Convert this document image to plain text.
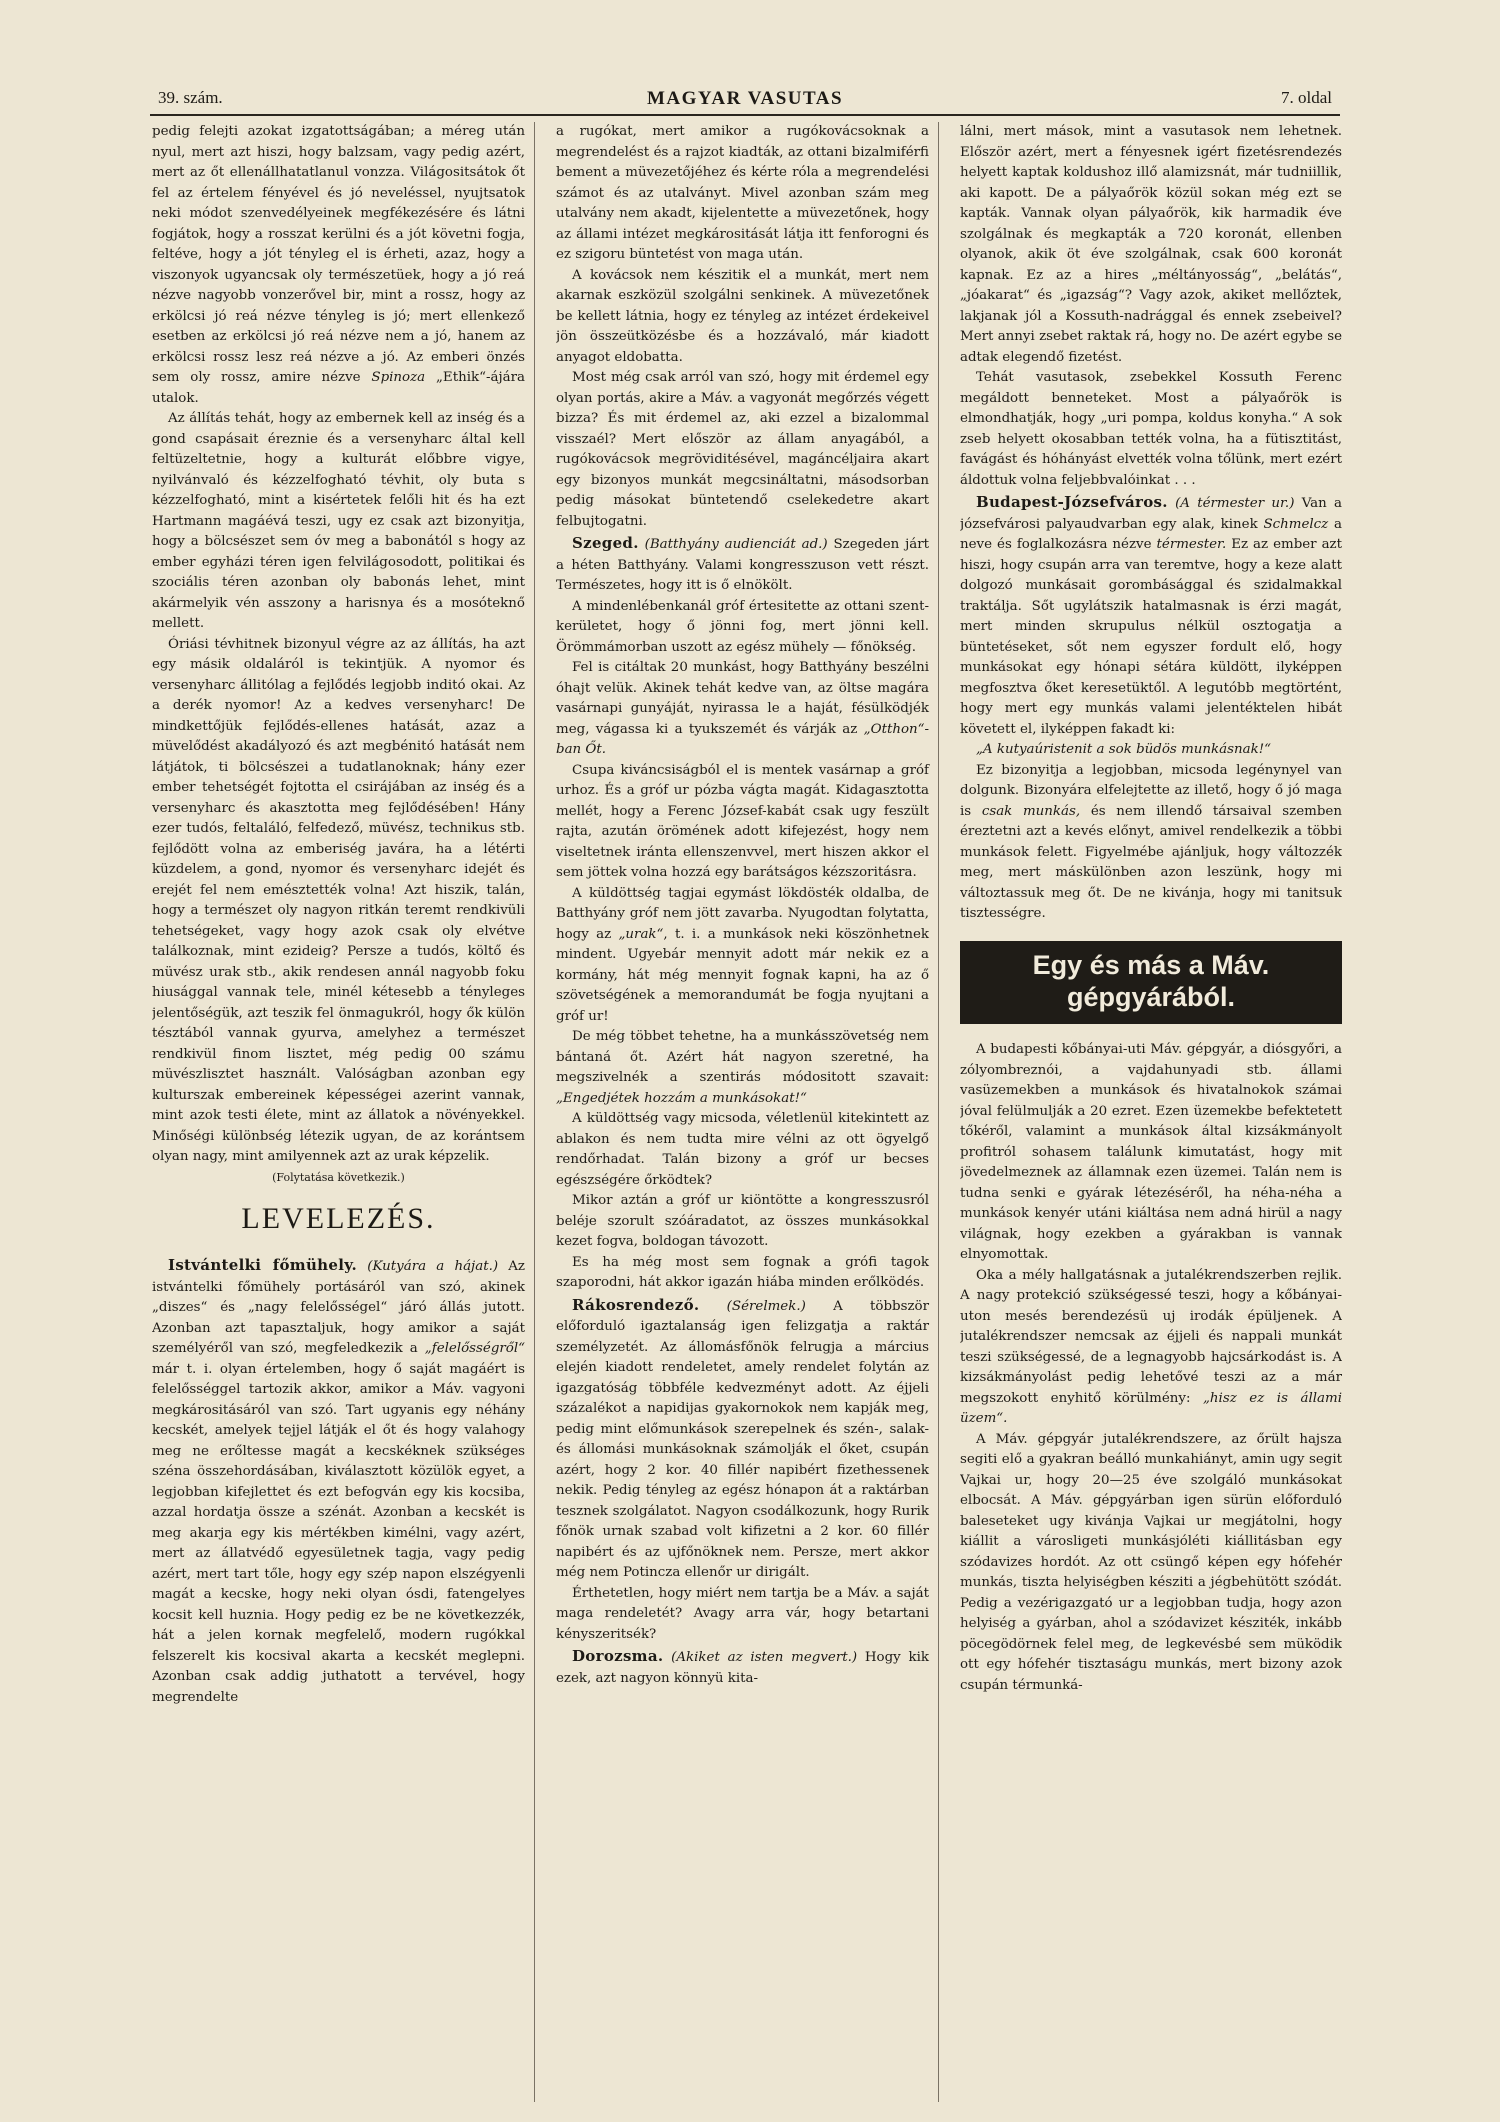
39. szám.	MAGYAR VASUTAS	7. oldal

pedig felejti azokat izgatottságában; a méreg után nyul, mert azt hiszi, hogy balzsam, vagy pedig azért, mert az őt ellenállhatatlanul vonzza. Világositsátok őt fel az értelem fényével és jó neveléssel, nyujtsatok neki módot szenvedélyeinek megfékezésére és látni fogjátok, hogy a rosszat kerülni és a jót követni fogja, feltéve, hogy a jót tényleg el is érheti, azaz, hogy a viszonyok ugyancsak oly természetüek, hogy a jó reá nézve nagyobb vonzerővel bir, mint a rossz, hogy az erkölcsi jó reá nézve tényleg is jó; mert ellenkező esetben az erkölcsi jó reá nézve nem a jó, hanem az erkölcsi rossz lesz reá nézve a jó. Az emberi önzés sem oly rossz, amire nézve Spinoza „Ethik“-ájára utalok.

Az állítás tehát, hogy az embernek kell az inség és a gond csapásait éreznie és a versenyharc által kell feltüzeltetnie, hogy a kulturát előbbre vigye, nyilvánvaló és kézzelfogható tévhit, oly buta s kézzelfogható, mint a kisértetek felőli hit és ha ezt Hartmann magáévá teszi, ugy ez csak azt bizonyitja, hogy a bölcsészet sem óv meg a babonától s hogy az ember egyházi téren igen felvilágosodott, politikai és szociális téren azonban oly babonás lehet, mint akármelyik vén asszony a harisnya és a mosóteknő mellett.

Óriási tévhitnek bizonyul végre az az állítás, ha azt egy másik oldaláról is tekintjük. A nyomor és versenyharc állitólag a fejlődés legjobb inditó okai. Az a derék nyomor! Az a kedves versenyharc! De mindkettőjük fejlődés-ellenes hatását, azaz a müvelődést akadályozó és azt megbénitó hatását nem látjátok, ti bölcsészei a tudatlanoknak; hány ezer ember tehetségét fojtotta el csirájában az inség és a versenyharc és akasztotta meg fejlődésében! Hány ezer tudós, feltaláló, felfedező, müvész, technikus stb. fejlődött volna az emberiség javára, ha a létérti küzdelem, a gond, nyomor és versenyharc idejét és erejét fel nem emésztették volna! Azt hiszik, talán, hogy a természet oly nagyon ritkán teremt rendkivüli tehetségeket, vagy hogy azok csak oly elvétve találkoznak, mint ezideig? Persze a tudós, költő és müvész urak stb., akik rendesen annál nagyobb foku hiusággal vannak tele, minél kétesebb a tényleges jelentőségük, azt teszik fel önmagukról, hogy ők külön tésztából vannak gyurva, amelyhez a természet rendkivül finom lisztet, még pedig 00 számu müvészlisztet használt. Valóságban azonban egy kulturszak embereinek képességei azerint vannak, mint azok testi élete, mint az állatok a növényekkel. Minőségi különbség létezik ugyan, de az korántsem olyan nagy, mint amilyennek azt az urak képzelik.

(Folytatása következik.)
LEVELEZÉS.

Istvántelki főmühely. (Kutyára a hájat.) Az istvántelki főmühely portásáról van szó, akinek „diszes“ és „nagy felelősségel“ járó állás jutott. Azonban azt tapasztaljuk, hogy amikor a saját személyéről van szó, megfeledkezik a „felelősségről“ már t. i. olyan értelemben, hogy ő saját magáért is felelősséggel tartozik akkor, amikor a Máv. vagyoni megkárositásáról van szó. Tart ugyanis egy néhány kecskét, amelyek tejjel látják el őt és hogy valahogy meg ne erőltesse magát a kecskéknek szükséges széna összehordásában, kiválasztott közülök egyet, a legjobban kifejlettet és ezt befogván egy kis kocsiba, azzal hordatja össze a szénát. Azonban a kecskét is meg akarja egy kis mértékben kimélni, vagy azért, mert az állatvédő egyesületnek tagja, vagy pedig azért, mert tart tőle, hogy egy szép napon elszégyenli magát a kecske, hogy neki olyan ósdi, fatengelyes kocsit kell huznia. Hogy pedig ez be ne következzék, hát a jelen kornak megfelelő, modern rugókkal felszerelt kis kocsival akarta a kecskét meglepni. Azonban csak addig juthatott a tervével, hogy megrendelte

a rugókat, mert amikor a rugókovácsoknak a megrendelést és a rajzot kiadták, az ottani bizalmiférfi bement a müvezetőjéhez és kérte róla a megrendelési számot és az utalványt. Mivel azonban szám meg utalvány nem akadt, kijelentette a müvezetőnek, hogy az állami intézet megkárositását látja itt fenforogni és ez szigoru büntetést von maga után.

A kovácsok nem készitik el a munkát, mert nem akarnak eszközül szolgálni senkinek. A müvezetőnek be kellett látnia, hogy ez tényleg az intézet érdekeivel jön összeütközésbe és a hozzávaló, már kiadott anyagot eldobatta.

Most még csak arról van szó, hogy mit érdemel egy olyan portás, akire a Máv. a vagyonát megőrzés végett bizza? És mit érdemel az, aki ezzel a bizalommal visszaél? Mert először az állam anyagából, a rugókovácsok megröviditésével, magáncéljaira akart egy bizonyos munkát megcsináltatni, másodsorban pedig másokat büntetendő cselekedetre akart felbujtogatni.

Szeged. (Batthyány audienciát ad.) Szegeden járt a héten Batthyány. Valami kongresszuson vett részt. Természetes, hogy itt is ő elnökölt.

A mindenlébenkanál gróf értesitette az ottani szent-kerületet, hogy ő jönni fog, mert jönni kell. Örömmámorban uszott az egész mühely — főnökség.

Fel is citáltak 20 munkást, hogy Batthyány beszélni óhajt velük. Akinek tehát kedve van, az öltse magára vasárnapi gunyáját, nyirassa le a haját, fésülködjék meg, vágassa ki a tyukszemét és várják az „Otthon“-ban Őt.

Csupa kiváncsiságból el is mentek vasárnap a gróf urhoz. És a gróf ur pózba vágta magát. Kidagasztotta mellét, hogy a Ferenc József-kabát csak ugy feszült rajta, azután örömének adott kifejezést, hogy nem viseltetnek iránta ellenszenvvel, mert hiszen akkor el sem jöttek volna hozzá egy barátságos kézszoritásra.

A küldöttség tagjai egymást lökdösték oldalba, de Batthyány gróf nem jött zavarba. Nyugodtan folytatta, hogy az „urak“, t. i. a munkások neki köszönhetnek mindent. Ugyebár mennyit adott már nekik ez a kormány, hát még mennyit fognak kapni, ha az ő szövetségének a memorandumát be fogja nyujtani a gróf ur!

De még többet tehetne, ha a munkásszövetség nem bántaná őt. Azért hát nagyon szeretné, ha megszivelnék a szentirás módositott szavait: „Engedjétek hozzám a munkásokat!“

A küldöttség vagy micsoda, véletlenül kitekintett az ablakon és nem tudta mire vélni az ott ögyelgő rendőrhadat. Talán bizony a gróf ur becses egészségére őrködtek?

Mikor aztán a gróf ur kiöntötte a kongresszusról beléje szorult szóáradatot, az összes munkásokkal kezet fogva, boldogan távozott.

Es ha még most sem fognak a grófi tagok szaporodni, hát akkor igazán hiába minden erőlködés.

Rákosrendező. (Sérelmek.) A többször előforduló igaztalanság igen felizgatja a raktár személyzetét. Az állomásfőnök felrugja a március elején kiadott rendeletet, amely rendelet folytán az igazgatóság többféle kedvezményt adott. Az éjjeli százalékot a napidijas gyakornokok nem kapják meg, pedig mint előmunkások szerepelnek és szén-, salak- és állomási munkásoknak számolják el őket, csupán azért, hogy 2 kor. 40 fillér napibért fizethessenek nekik. Pedig tényleg az egész hónapon át a raktárban tesznek szolgálatot. Nagyon csodálkozunk, hogy Rurik főnök urnak szabad volt kifizetni a 2 kor. 60 fillér napibért és az ujfőnöknek nem. Persze, mert akkor még nem Potincza ellenőr ur dirigált.

Érthetetlen, hogy miért nem tartja be a Máv. a saját maga rendeletét? Avagy arra vár, hogy betartani kényszeritsék?

Dorozsma. (Akiket az isten megvert.) Hogy kik ezek, azt nagyon könnyü kita-

lálni, mert mások, mint a vasutasok nem lehetnek. Először azért, mert a fényesnek igért fizetésrendezés helyett kaptak koldushoz illő alamizsnát, már tudniillik, aki kapott. De a pályaőrök közül sokan még ezt se kapták. Vannak olyan pályaőrök, kik harmadik éve szolgálnak és megkapták a 720 koronát, ellenben olyanok, akik öt éve szolgálnak, csak 600 koronát kapnak. Ez az a hires „méltányosság“, „belátás“, „jóakarat“ és „igazság“? Vagy azok, akiket mellőztek, lakjanak jól a Kossuth-nadrággal és ennek zsebeivel? Mert annyi zsebet raktak rá, hogy no. De azért egybe se adtak elegendő fizetést.

Tehát vasutasok, zsebekkel Kossuth Ferenc megáldott benneteket. Most a pályaőrök is elmondhatják, hogy „uri pompa, koldus konyha.“ A sok zseb helyett okosabban tették volna, ha a fütisztitást, favágást és hóhányást elvették volna tőlünk, mert ezért áldottuk volna feljebbvalóinkat . . .

Budapest-Józsefváros. (A térmester ur.) Van a józsefvárosi palyaudvarban egy alak, kinek Schmelcz a neve és foglalkozásra nézve térmester. Ez az ember azt hiszi, hogy csupán arra van teremtve, hogy a keze alatt dolgozó munkásait gorombásággal és szidalmakkal traktálja. Sőt ugylátszik hatalmasnak is érzi magát, mert minden skrupulus nélkül osztogatja a büntetéseket, sőt nem egyszer fordult elő, hogy munkásokat egy hónapi sétára küldött, ilyképpen megfosztva őket keresetüktől. A legutóbb megtörtént, hogy mert egy munkás valami jelentéktelen hibát követett el, ilyképpen fakadt ki:

„A kutyaúristenit a sok büdös munkásnak!“

Ez bizonyitja a legjobban, micsoda legénynyel van dolgunk. Bizonyára elfelejtette az illető, hogy ő jó maga is csak munkás, és nem illendő társaival szemben éreztetni azt a kevés előnyt, amivel rendelkezik a többi munkások felett. Figyelmébe ajánljuk, hogy változzék meg, mert máskülönben azon leszünk, hogy mi változtassuk meg őt. De ne kivánja, hogy mi tanitsuk tisztességre.

Egy és más a Máv. gépgyárából.

A budapesti kőbányai-uti Máv. gépgyár, a diósgyőri, a zólyombreznói, a vajdahunyadi stb. állami vasüzemekben a munkások és hivatalnokok számai jóval felülmulják a 20 ezret. Ezen üzemekbe befektetett tőkéről, valamint a munkások által kizsákmányolt profitról sohasem találunk kimutatást, hogy mit jövedelmeznek az államnak ezen üzemei. Talán nem is tudna senki e gyárak létezéséről, ha néha-néha a munkások kenyér utáni kiáltása nem adná hirül a nagy világnak, hogy ezekben a gyárakban is vannak elnyomottak.

Oka a mély hallgatásnak a jutalékrendszerben rejlik. A nagy protekció szükségessé teszi, hogy a kőbányai-uton mesés berendezésü uj irodák épüljenek. A jutalékrendszer nemcsak az éjjeli és nappali munkát teszi szükségessé, de a legnagyobb hajcsárkodást is. A kizsákmányolást pedig lehetővé teszi az a már megszokott enyhitő körülmény: „hisz ez is állami üzem“.

A Máv. gépgyár jutalékrendszere, az őrült hajsza segiti elő a gyakran beálló munkahiányt, amin ugy segit Vajkai ur, hogy 20—25 éve szolgáló munkásokat elbocsát. A Máv. gépgyárban igen sürün előforduló baleseteket ugy kivánja Vajkai ur megjátolni, hogy kiállit a városligeti munkásjóléti kiállitásban egy szódavizes hordót. Az ott csüngő képen egy hófehér munkás, tiszta helyiségben késziti a jégbehütött szódát. Pedig a vezérigazgató ur a legjobban tudja, hogy azon helyiség a gyárban, ahol a szódavizet késziték, inkább pöcegödörnek felel meg, de legkevésbé sem müködik ott egy hófehér tisztaságu munkás, mert bizony azok csupán térmunká-
